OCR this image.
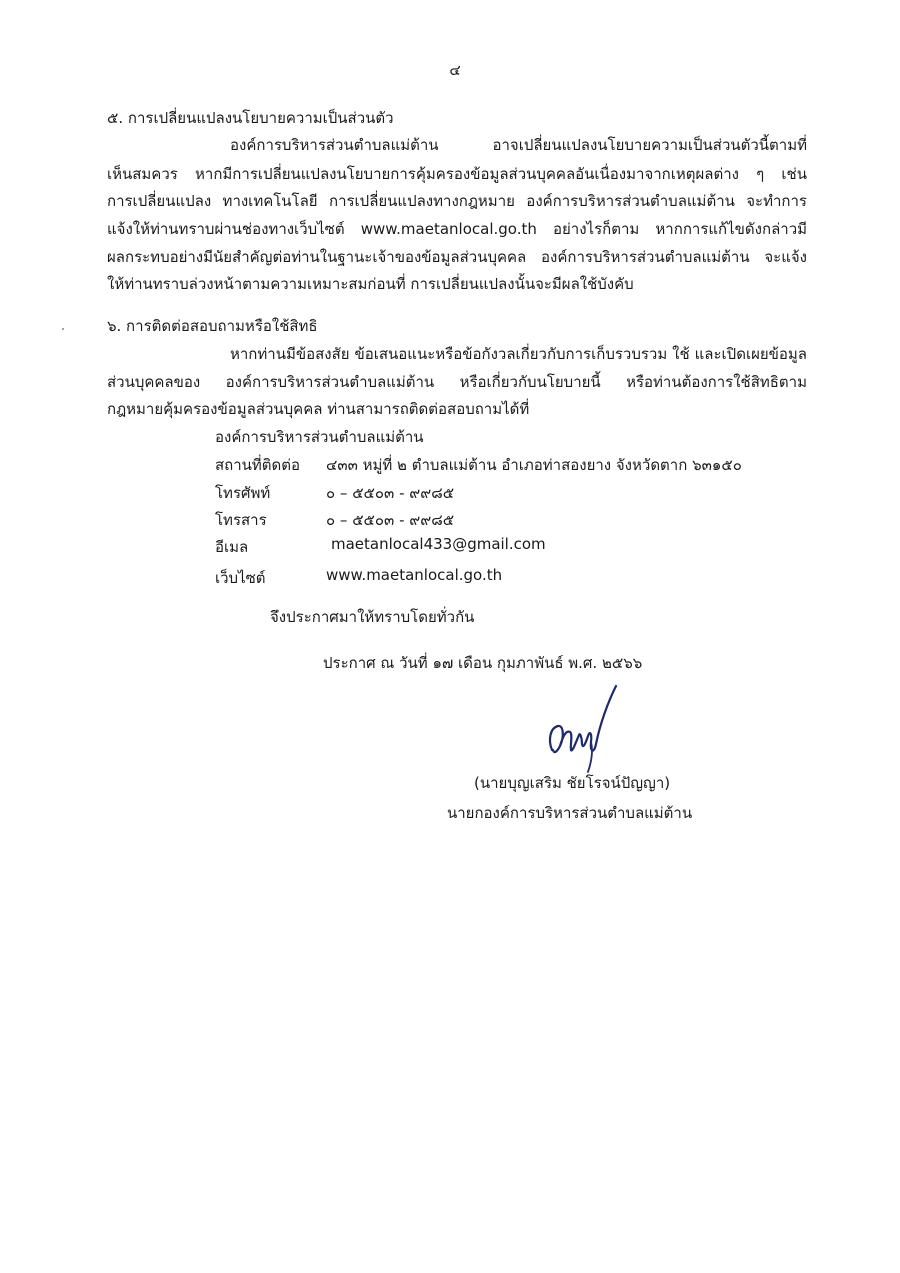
๔
๕. การเปลี่ยนแปลงนโยบายความเป็นส่วนตัว
องค์การบริหารส่วนตำบลแม่ต้าน อาจเปลี่ยนแปลงนโยบายความเป็นส่วนตัวนี้ตามที่
เห็นสมควร หากมีการเปลี่ยนแปลงนโยบายการคุ้มครองข้อมูลส่วนบุคคลอันเนื่องมาจากเหตุผลต่าง ๆ เช่น
การเปลี่ยนแปลง ทางเทคโนโลยี การเปลี่ยนแปลงทางกฎหมาย องค์การบริหารส่วนตำบลแม่ต้าน จะทำการ
แจ้งให้ท่านทราบผ่านช่องทางเว็บไซต์ www.maetanlocal.go.th อย่างไรก็ตาม หากการแก้ไขดังกล่าวมี
ผลกระทบอย่างมีนัยสำคัญต่อท่านในฐานะเจ้าของข้อมูลส่วนบุคคล องค์การบริหารส่วนตำบลแม่ต้าน จะแจ้ง
ให้ท่านทราบล่วงหน้าตามความเหมาะสมก่อนที่ การเปลี่ยนแปลงนั้นจะมีผลใช้บังคับ
๖. การติดต่อสอบถามหรือใช้สิทธิ
หากท่านมีข้อสงสัย ข้อเสนอแนะหรือข้อกังวลเกี่ยวกับการเก็บรวบรวม ใช้ และเปิดเผยข้อมูล
ส่วนบุคคลของ องค์การบริหารส่วนตำบลแม่ต้าน หรือเกี่ยวกับนโยบายนี้ หรือท่านต้องการใช้สิทธิตาม
กฎหมายคุ้มครองข้อมูลส่วนบุคคล ท่านสามารถติดต่อสอบถามได้ที่
องค์การบริหารส่วนตำบลแม่ต้าน
สถานที่ติดต่อ ๔๓๓ หมู่ที่ ๒ ตำบลแม่ต้าน อำเภอท่าสองยาง จังหวัดตาก ๖๓๑๕๐
โทรศัพท์	๐ – ๕๕๐๓ - ๙๙๘๕
โทรสาร	๐ – ๕๕๐๓ - ๙๙๘๕
อีเมล	maetanlocal433@gmail.com
เว็บไซต์	www.maetanlocal.go.th
จึงประกาศมาให้ทราบโดยทั่วกัน
ประกาศ ณ วันที่ ๑๗ เดือน กุมภาพันธ์ พ.ศ. ๒๕๖๖
(นายบุญเสริม ชัยโรจน์ปัญญา)
นายกองค์การบริหารส่วนตำบลแม่ต้าน
